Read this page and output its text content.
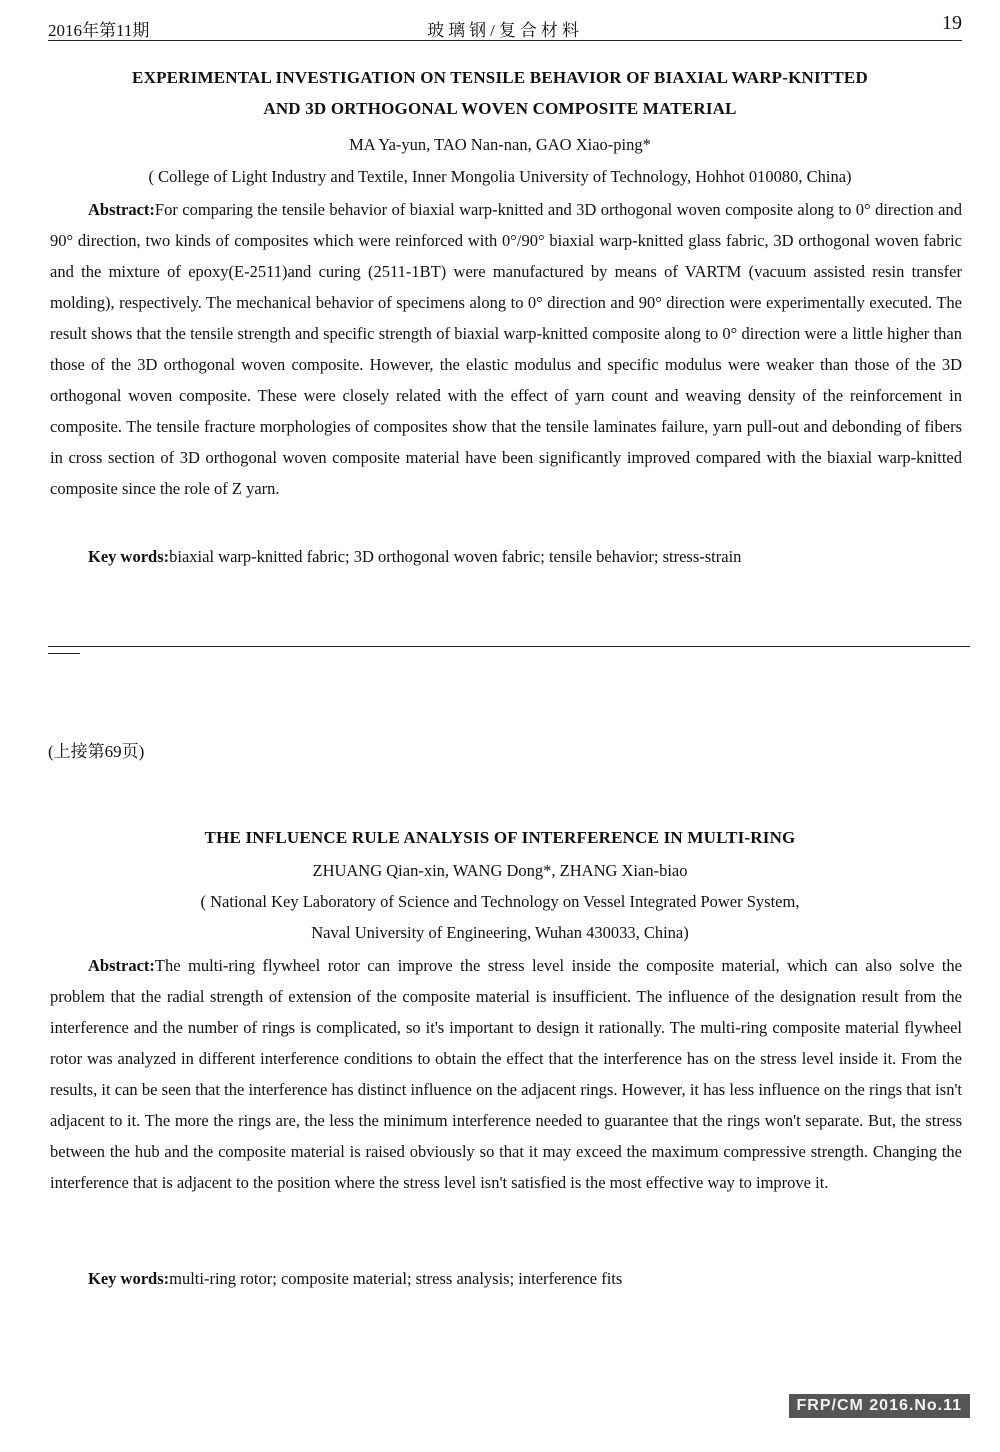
2016年第11期	玻璃钢/复合材料	19
EXPERIMENTAL INVESTIGATION ON TENSILE BEHAVIOR OF BIAXIAL WARP-KNITTED
AND 3D ORTHOGONAL WOVEN COMPOSITE MATERIAL
MA Ya-yun, TAO Nan-nan, GAO Xiao-ping*
( College of Light Industry and Textile, Inner Mongolia University of Technology, Hohhot 010080, China)
Abstract:For comparing the tensile behavior of biaxial warp-knitted and 3D orthogonal woven composite along to 0° direction and 90° direction, two kinds of composites which were reinforced with 0°/90° biaxial warp-knitted glass fabric, 3D orthogonal woven fabric and the mixture of epoxy(E-2511)and curing (2511-1BT) were manufactured by means of VARTM (vacuum assisted resin transfer molding), respectively. The mechanical behavior of specimens along to 0° direction and 90° direction were experimentally executed. The result shows that the tensile strength and specific strength of biaxial warp-knitted composite along to 0° direction were a little higher than those of the 3D orthogonal woven composite. However, the elastic modulus and specific modulus were weaker than those of the 3D orthogonal woven composite. These were closely related with the effect of yarn count and weaving density of the reinforcement in composite. The tensile fracture morphologies of composites show that the tensile laminates failure, yarn pull-out and debonding of fibers in cross section of 3D orthogonal woven composite material have been significantly improved compared with the biaxial warp-knitted composite since the role of Z yarn.
Key words:biaxial warp-knitted fabric; 3D orthogonal woven fabric; tensile behavior; stress-strain
(上接第69页)
THE INFLUENCE RULE ANALYSIS OF INTERFERENCE IN MULTI-RING
ZHUANG Qian-xin, WANG Dong*, ZHANG Xian-biao
( National Key Laboratory of Science and Technology on Vessel Integrated Power System,
Naval University of Engineering, Wuhan 430033, China)
Abstract:The multi-ring flywheel rotor can improve the stress level inside the composite material, which can also solve the problem that the radial strength of extension of the composite material is insufficient. The influence of the designation result from the interference and the number of rings is complicated, so it's important to design it rationally. The multi-ring composite material flywheel rotor was analyzed in different interference conditions to obtain the effect that the interference has on the stress level inside it. From the results, it can be seen that the interference has distinct influence on the adjacent rings. However, it has less influence on the rings that isn't adjacent to it. The more the rings are, the less the minimum interference needed to guarantee that the rings won't separate. But, the stress between the hub and the composite material is raised obviously so that it may exceed the maximum compressive strength. Changing the interference that is adjacent to the position where the stress level isn't satisfied is the most effective way to improve it.
Key words:multi-ring rotor; composite material; stress analysis; interference fits
FRP/CM 2016.No.11
